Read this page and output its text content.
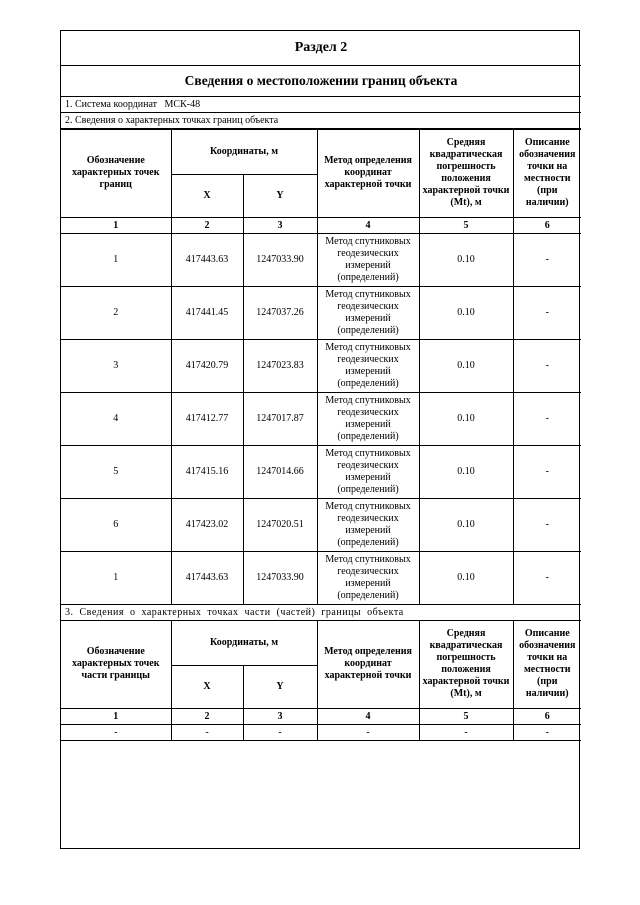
Раздел 2
Сведения о местоположении границ объекта
1. Система координат МСК-48
2. Сведения о характерных точках границ объекта
Обозначение характерных точек границ	Координаты, м		Метод определения координат характерной точки	Средняя квадратическая погрешность положения характерной точки (Mt), м	Описание обозначения точки на местности (при наличии)
	X	Y			
1	2	3	4	5	6
1	417443.63	1247033.90	Метод спутниковых геодезических измерений (определений)	0.10	-
2	417441.45	1247037.26	Метод спутниковых геодезических измерений (определений)	0.10	-
3	417420.79	1247023.83	Метод спутниковых геодезических измерений (определений)	0.10	-
4	417412.77	1247017.87	Метод спутниковых геодезических измерений (определений)	0.10	-
5	417415.16	1247014.66	Метод спутниковых геодезических измерений (определений)	0.10	-
6	417423.02	1247020.51	Метод спутниковых геодезических измерений (определений)	0.10	-
1	417443.63	1247033.90	Метод спутниковых геодезических измерений (определений)	0.10	-
3. Сведения о характерных точках части (частей) границы объекта					
Обозначение характерных точек части границы	Координаты, м		Метод определения координат характерной точки	Средняя квадратическая погрешность положения характерной точки (Mt), м	Описание обозначения точки на местности (при наличии)
	X	Y			
1	2	3	4	5	6
-	-	-	-	-	-
